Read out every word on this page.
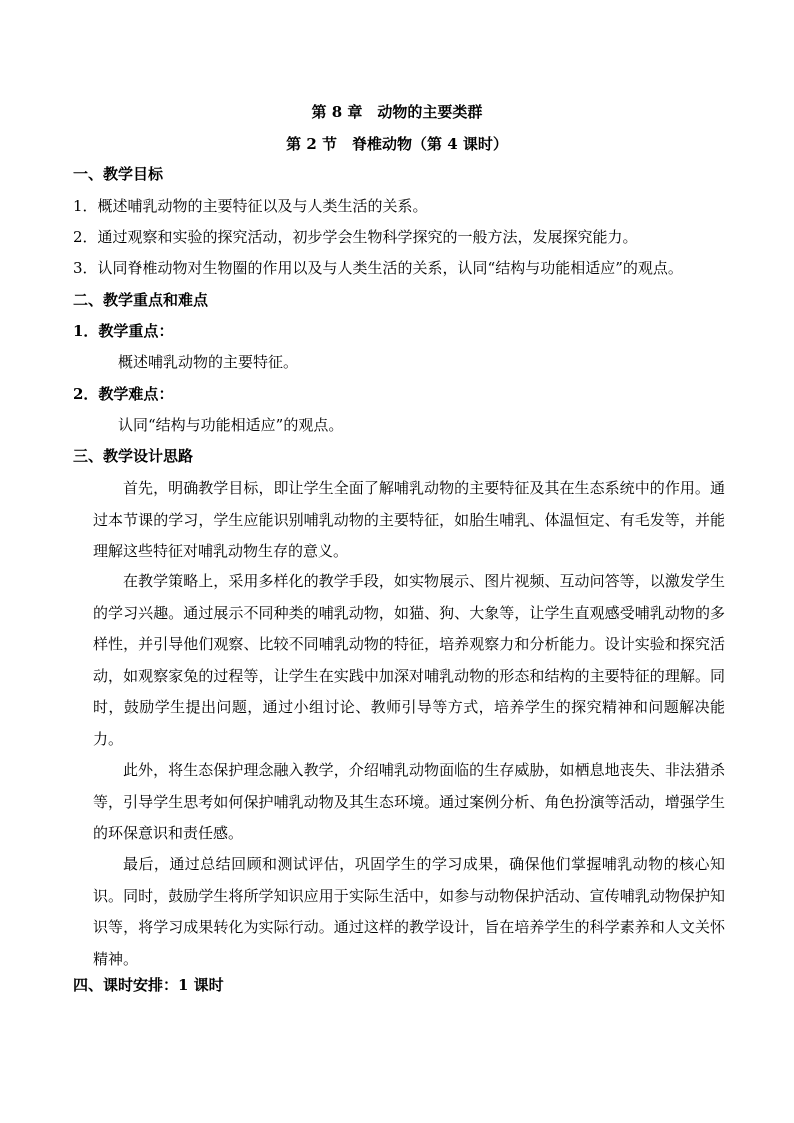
第 8 章　动物的主要类群
第 2 节　脊椎动物（第 4 课时）
一、教学目标
1．概述哺乳动物的主要特征以及与人类生活的关系。
2．通过观察和实验的探究活动，初步学会生物科学探究的一般方法，发展探究能力。
3．认同脊椎动物对生物圈的作用以及与人类生活的关系，认同“结构与功能相适应”的观点。
二、教学重点和难点
1．教学重点：
概述哺乳动物的主要特征。
2．教学难点：
认同“结构与功能相适应”的观点。
三、教学设计思路

首先，明确教学目标，即让学生全面了解哺乳动物的主要特征及其在生态系统中的作用。通过本节课的学习，学生应能识别哺乳动物的主要特征，如胎生哺乳、体温恒定、有毛发等，并能理解这些特征对哺乳动物生存的意义。

在教学策略上，采用多样化的教学手段，如实物展示、图片视频、互动问答等，以激发学生的学习兴趣。通过展示不同种类的哺乳动物，如猫、狗、大象等，让学生直观感受哺乳动物的多样性，并引导他们观察、比较不同哺乳动物的特征，培养观察力和分析能力。设计实验和探究活动，如观察家兔的过程等，让学生在实践中加深对哺乳动物的形态和结构的主要特征的理解。同时，鼓励学生提出问题，通过小组讨论、教师引导等方式，培养学生的探究精神和问题解决能力。

此外，将生态保护理念融入教学，介绍哺乳动物面临的生存威胁，如栖息地丧失、非法猎杀等，引导学生思考如何保护哺乳动物及其生态环境。通过案例分析、角色扮演等活动，增强学生的环保意识和责任感。

最后，通过总结回顾和测试评估，巩固学生的学习成果，确保他们掌握哺乳动物的核心知识。同时，鼓励学生将所学知识应用于实际生活中，如参与动物保护活动、宣传哺乳动物保护知识等，将学习成果转化为实际行动。通过这样的教学设计，旨在培养学生的科学素养和人文关怀精神。

四、课时安排：1 课时
